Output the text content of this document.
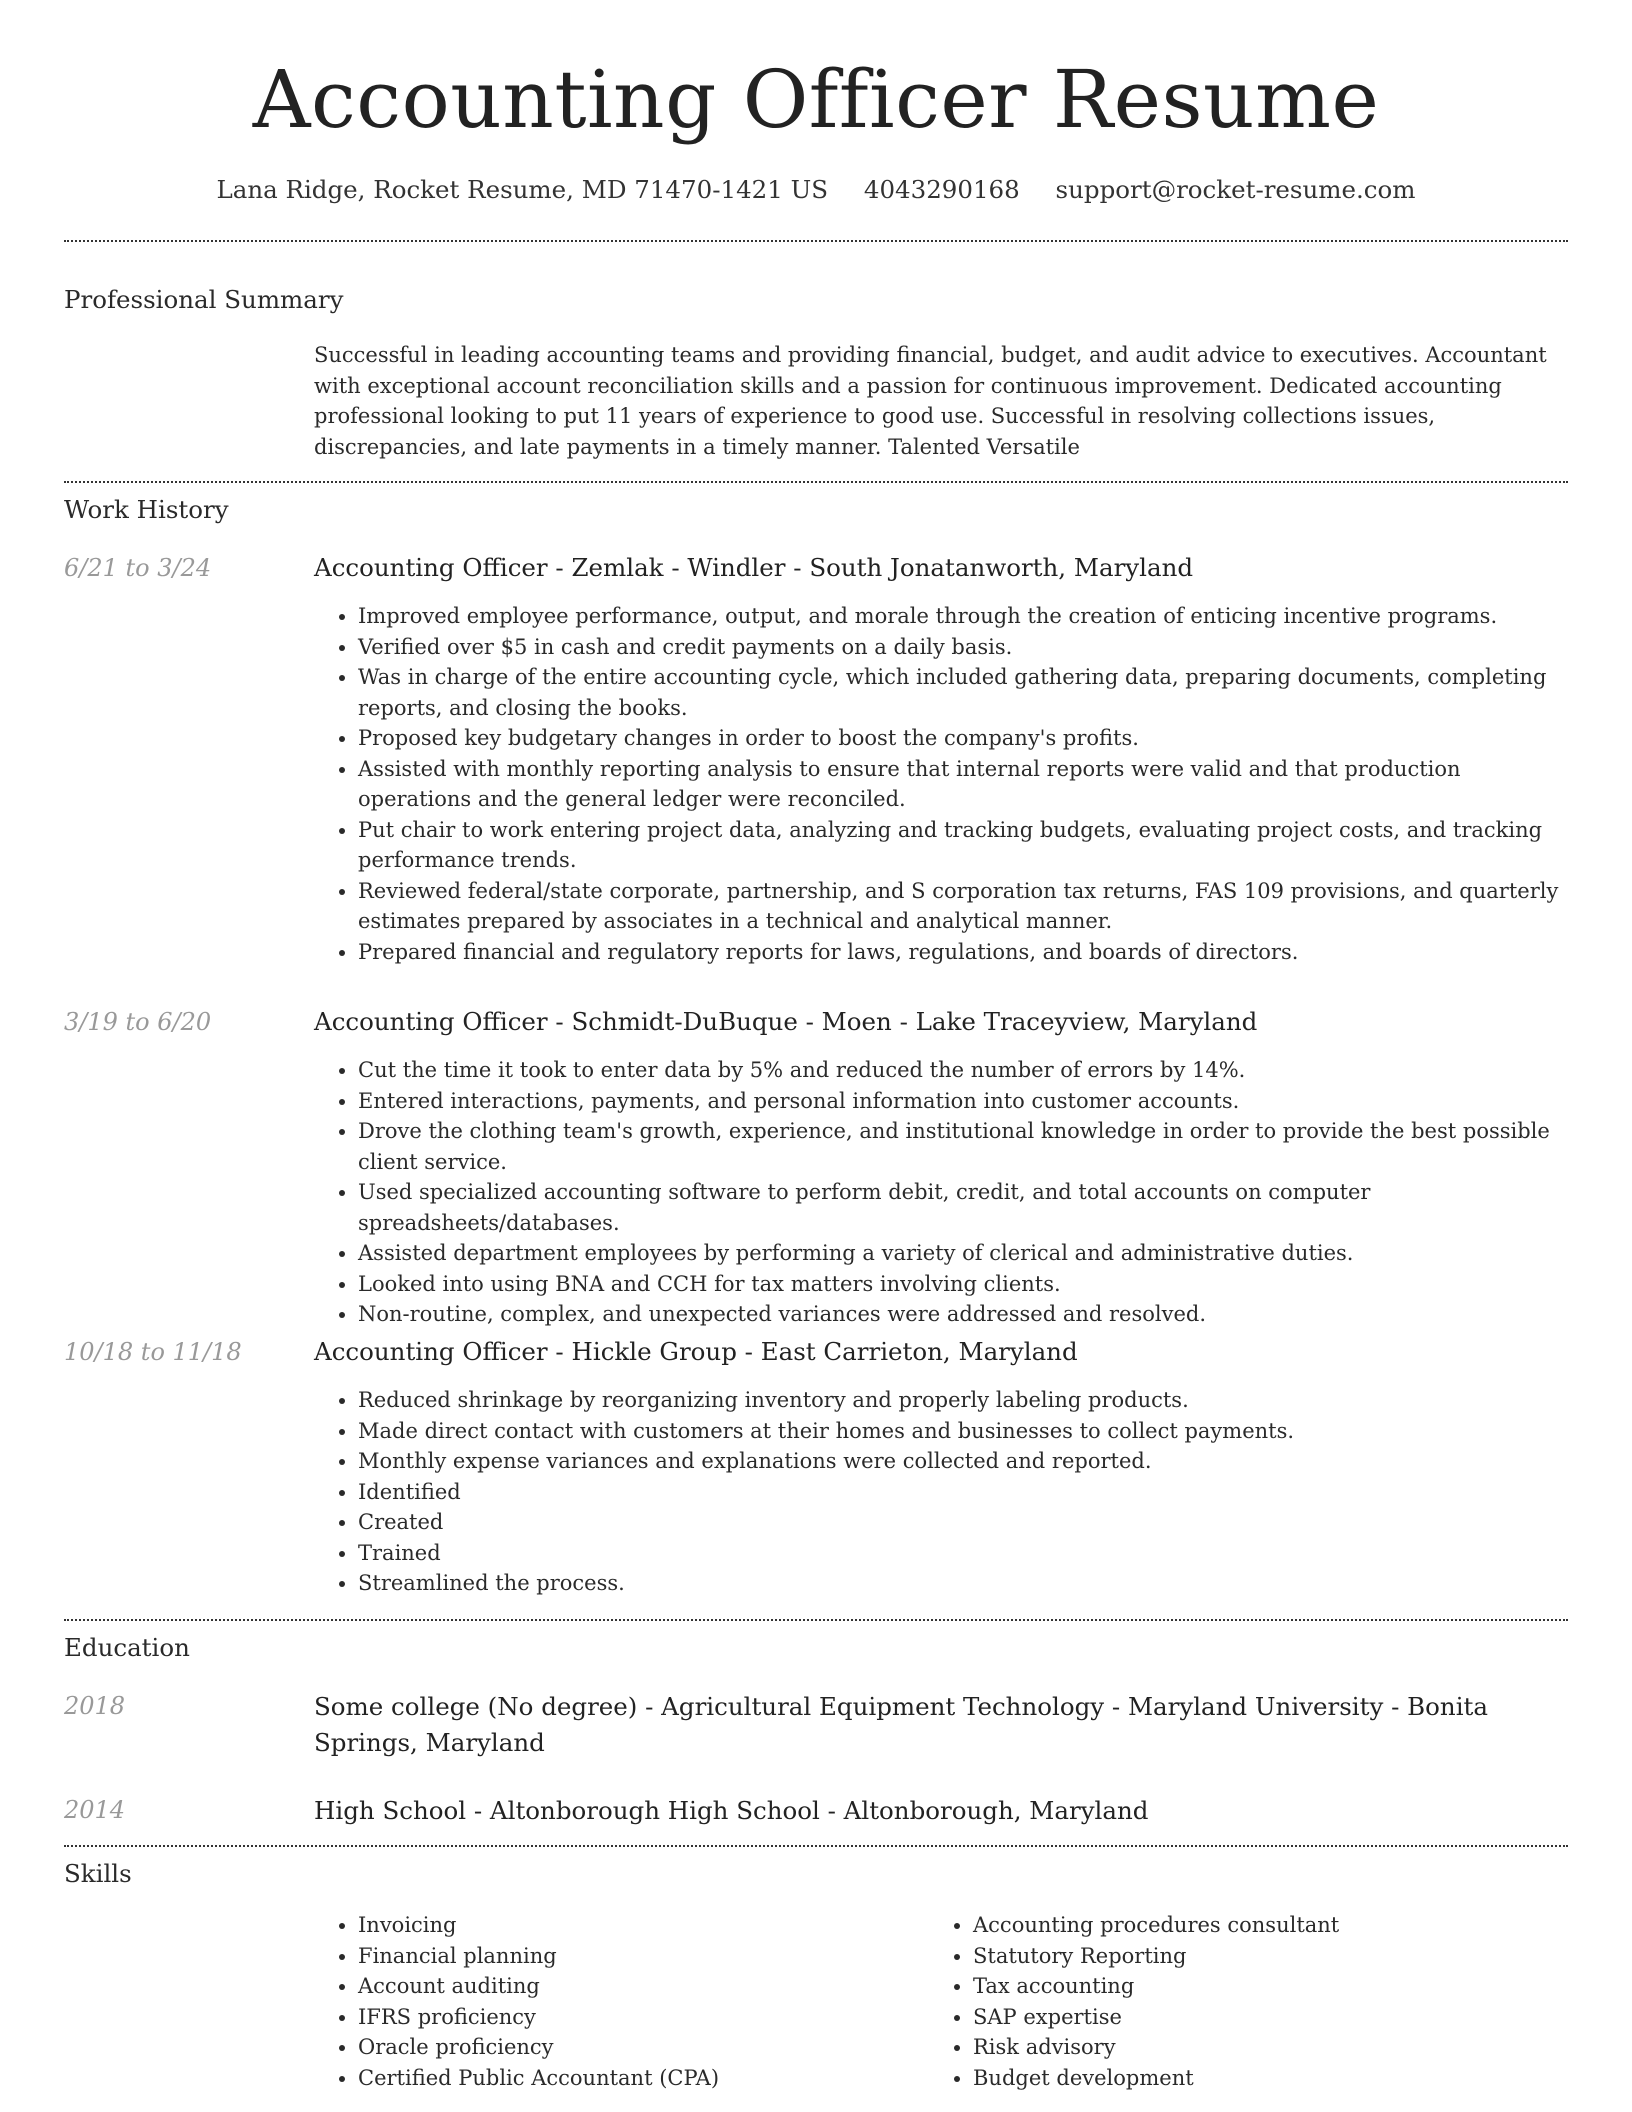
Accounting Officer Resume
Lana Ridge, Rocket Resume, MD 71470-1421 US 4043290168 support@rocket-resume.com
Professional Summary
Successful in leading accounting teams and providing financial, budget, and audit advice to executives. Accountant with exceptional account reconciliation skills and a passion for continuous improvement. Dedicated accounting professional looking to put 11 years of experience to good use. Successful in resolving collections issues, discrepancies, and late payments in a timely manner. Talented Versatile
Work History
6/21 to 3/24	Accounting Officer - Zemlak - Windler - South Jonatanworth, Maryland
• Improved employee performance, output, and morale through the creation of enticing incentive programs.
• Verified over $5 in cash and credit payments on a daily basis.
• Was in charge of the entire accounting cycle, which included gathering data, preparing documents, completing reports, and closing the books.
• Proposed key budgetary changes in order to boost the company's profits.
• Assisted with monthly reporting analysis to ensure that internal reports were valid and that production operations and the general ledger were reconciled.
• Put chair to work entering project data, analyzing and tracking budgets, evaluating project costs, and tracking performance trends.
• Reviewed federal/state corporate, partnership, and S corporation tax returns, FAS 109 provisions, and quarterly estimates prepared by associates in a technical and analytical manner.
• Prepared financial and regulatory reports for laws, regulations, and boards of directors.
3/19 to 6/20	Accounting Officer - Schmidt-DuBuque - Moen - Lake Traceyview, Maryland
• Cut the time it took to enter data by 5% and reduced the number of errors by 14%.
• Entered interactions, payments, and personal information into customer accounts.
• Drove the clothing team's growth, experience, and institutional knowledge in order to provide the best possible client service.
• Used specialized accounting software to perform debit, credit, and total accounts on computer spreadsheets/databases.
• Assisted department employees by performing a variety of clerical and administrative duties.
• Looked into using BNA and CCH for tax matters involving clients.
• Non-routine, complex, and unexpected variances were addressed and resolved.
10/18 to 11/18	Accounting Officer - Hickle Group - East Carrieton, Maryland
• Reduced shrinkage by reorganizing inventory and properly labeling products.
• Made direct contact with customers at their homes and businesses to collect payments.
• Monthly expense variances and explanations were collected and reported.
• Identified
• Created
• Trained
• Streamlined the process.
Education
2018	Some college (No degree) - Agricultural Equipment Technology - Maryland University - Bonita Springs, Maryland
2014	High School - Altonborough High School - Altonborough, Maryland
Skills
• Invoicing
• Financial planning
• Account auditing
• IFRS proficiency
• Oracle proficiency
• Certified Public Accountant (CPA)
• Accounting procedures consultant
• Statutory Reporting
• Tax accounting
• SAP expertise
• Risk advisory
• Budget development
